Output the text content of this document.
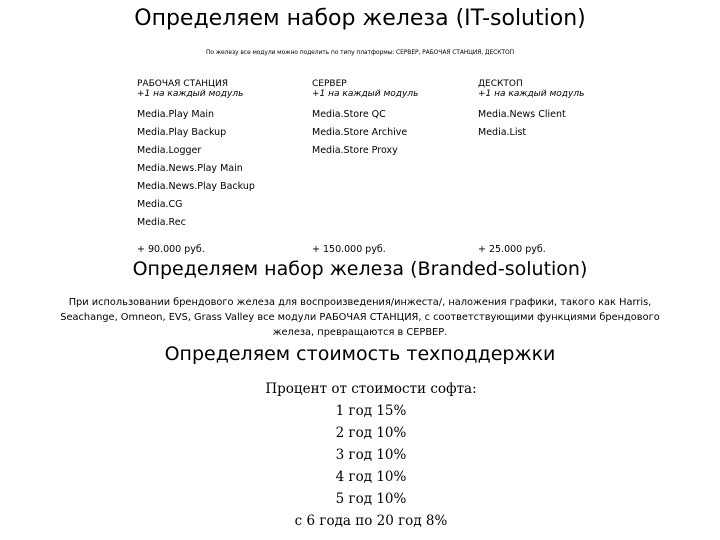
Определяем набор железа (IT-solution)
По железу все модули можно поделить по типу платформы: СЕРВЕР, РАБОЧАЯ СТАНЦИЯ, ДЕСКТОП
РАБОЧАЯ СТАНЦИЯ	СЕРВЕР	ДЕСКТОП
+1 на каждый модуль	+1 на каждый модуль	+1 на каждый модуль
Media.Play Main	Media.Store QC	Media.News Client
Media.Play Backup	Media.Store Archive	Media.List
Media.Logger	Media.Store Proxy	
Media.News.Play Main		
Media.News.Play Backup		
Media.CG		
Media.Rec		
+ 90.000 руб.	+ 150.000 руб.	+ 25.000 руб.
Определяем набор железа (Branded-solution)
При использовании брендового железа для воспроизведения/инжеста/, наложения графики, такого как Harris, Seachange, Omneon, EVS, Grass Valley все модули РАБОЧАЯ СТАНЦИЯ, с соответствующими функциями брендового железа, превращаются в СЕРВЕР.
Определяем стоимость техподдержки
Процент от стоимости софта:
1 год 15%
2 год 10%
3 год 10%
4 год 10%
5 год 10%
с 6 года по 20 год 8%
